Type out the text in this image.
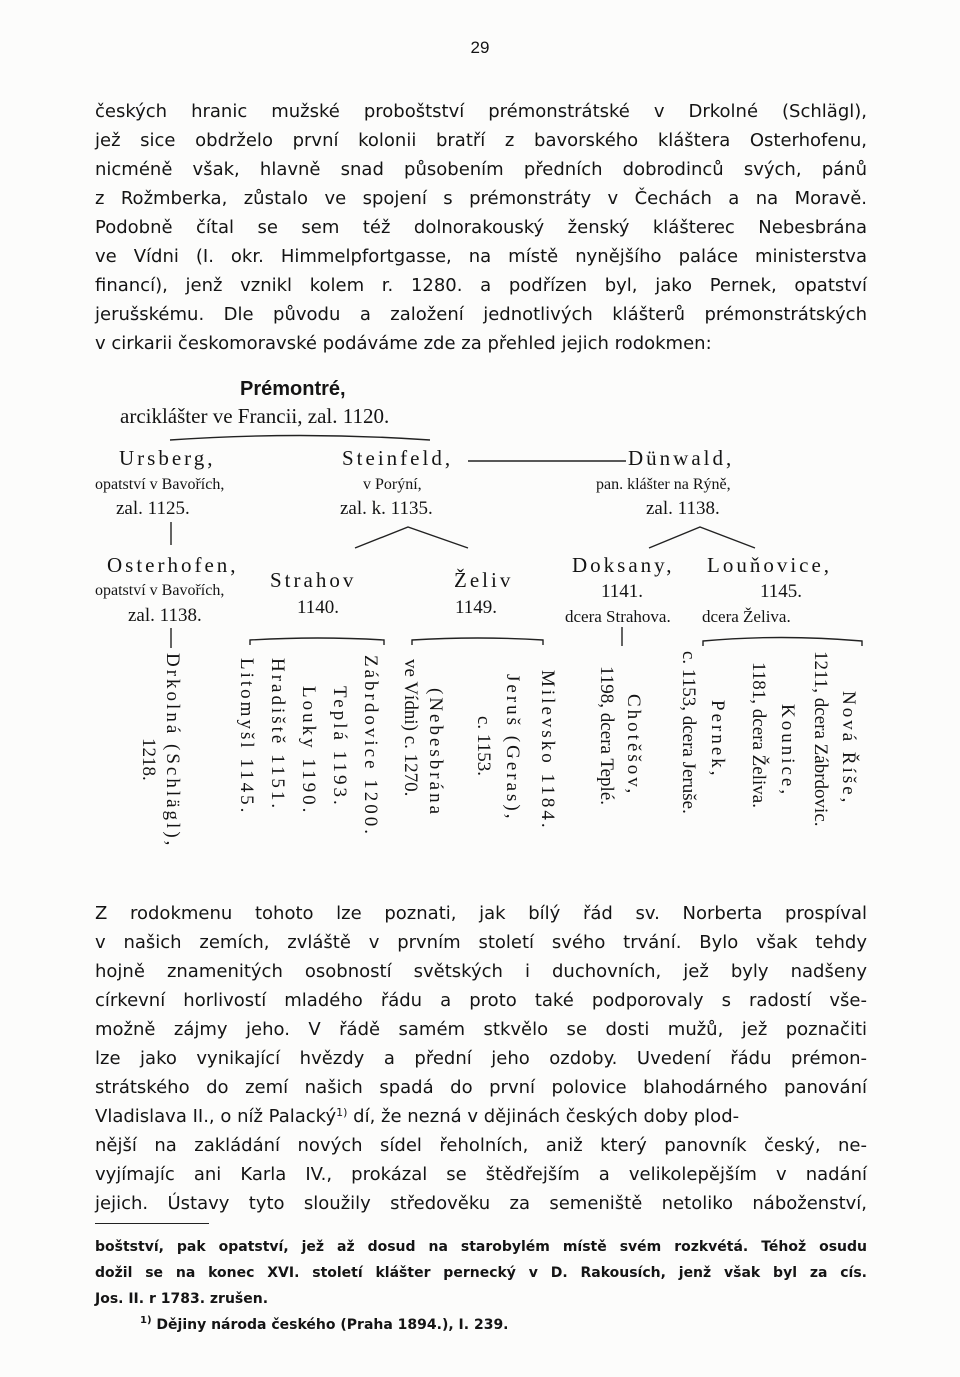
29
českých hranic mužské proboštství prémonstrátské v Drkolné (Schlägl),
jež sice obdrželo první kolonii bratří z bavorského kláštera Osterhofenu,
nicméně však, hlavně snad působením předních dobrodinců svých, pánů
z Rožmberka, zůstalo ve spojení s prémonstráty v Čechách a na Moravě.
Podobně čítal se sem též dolnorakouský ženský klášterec Nebesbrána
ve Vídni (I. okr. Himmelpfortgasse, na místě nynějšího paláce ministerstva
financí), jenž vznikl kolem r. 1280. a podřízen byl, jako Pernek, opatství
jerušskému. Dle původu a založení jednotlivých klášterů prémonstrátských
v cirkarii českomoravské podáváme zde za přehled jejich rodokmen:
Prémontré,
arciklášter ve Francii, zal. 1120.
Ursberg,
opatství v Bavořích,
zal. 1125.
Steinfeld,
v Porýní,
zal. k. 1135.
Dünwald,
pan. klášter na Rýně,
zal. 1138.
Osterhofen,
opatství v Bavořích,
zal. 1138.
Strahov
1140.
Želiv
1149.
Doksany,
1141.
dcera Strahova.
Louňovice,
1145.
dcera Želiva.
Drkolná (Schlägl),
1218.	Litomyšl 1145. Hradiště 1151. Louky 1190. Teplá 1193. Zábrdovice 1200. (Nebesbrána
ve Vídni) c. 1270.	Jeruš (Geras),
c. 1153. Milevsko 1184.	Chotěšov,
1198, dcera Teplé.	Pernek,
c. 1153, dcera Jeruše.	Kounice,
1181, dcera Želiva.	Nová Říše,
1211, dcera Zábrdovic.
Z rodokmenu tohoto lze poznati, jak bílý řád sv. Norberta prospíval
v našich zemích, zvláště v prvním století svého trvání. Bylo však tehdy
hojně znamenitých osobností světských i duchovních, jež byly nadšeny
církevní horlivostí mladého řádu a proto také podporovaly s radostí vše-
možně zájmy jeho. V řádě samém stkvělo se dosti mužů, jež poznačiti
lze jako vynikající hvězdy a přední jeho ozdoby. Uvedení řádu prémon-
strátského do zemí našich spadá do první polovice blahodárného panování
Vladislava II., o níž Palacký$^{1)}$ dí, že nezná v dějinách českých doby plod-
nější na zakládání nových sídel řeholních, aniž který panovník český, ne-
vyjímajíc ani Karla IV., prokázal se štědřejším a velikolepějším v nadání
jejich. Ústavy tyto sloužily středověku za semeniště netoliko náboženství,
boštství, pak opatství, jež až dosud na starobylém místě svém rozkvétá. Téhož osudu
dožil se na konec XVI. století klášter pernecký v D. Rakousích, jenž však byl za cís.
Jos. II. r 1783. zrušen.
$^{1)}$ Dějiny národa českého (Praha 1894.), I. 239.
